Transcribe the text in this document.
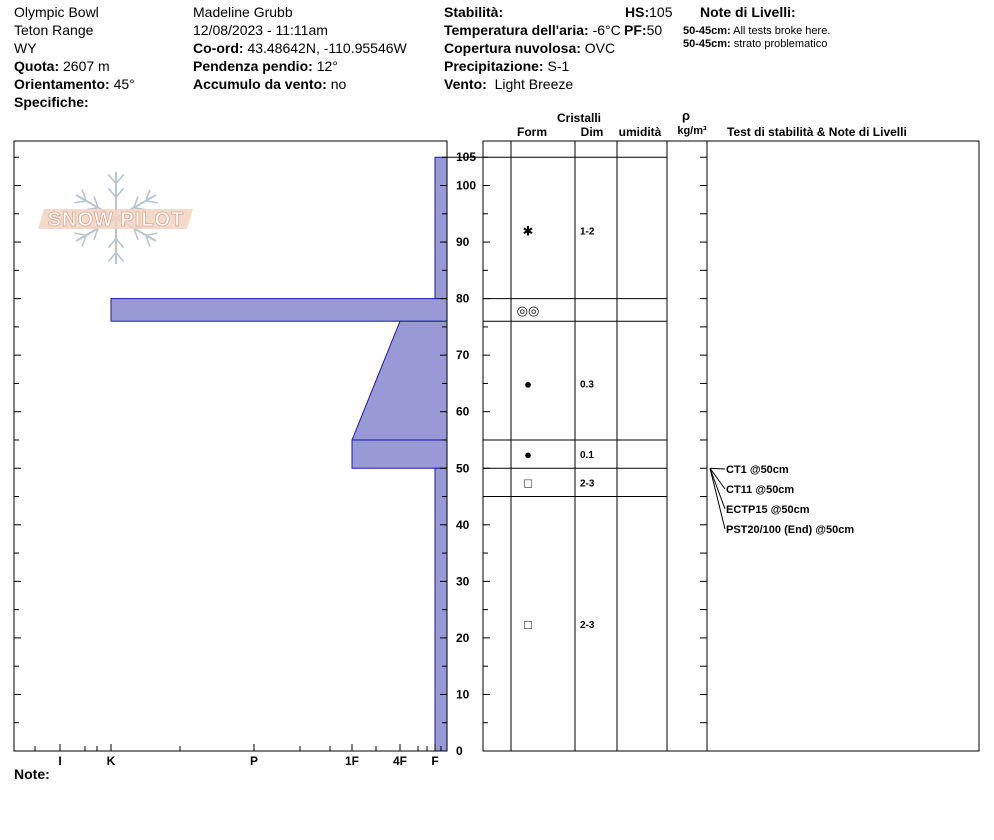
Olympic Bowl
Teton Range
WY
Quota: 2607 m
Orientamento: 45°
Specifiche:
Madeline Grubb
12/08/2023 - 11:11am
Co-ord: 43.48642N, -110.95546W
Pendenza pendio: 12°
Accumulo da vento: no
Stabilità:
Temperatura dell'aria: -6°C
Copertura nuvolosa: OVC
Precipitazione: S-1
Vento: Light Breeze
HS:105
PF:50
Note di Livelli:
50-45cm: All tests broke here.
50-45cm: strato problematico
Note:
SNOW PILOT
0
10
20
30
40
50
60
70
80
90
100
105
I	K	P	1F	4F F
Cristalli
Form	Dim umidità
ρ
kg/m³ Test di stabilità & Note di Livelli
✱	1-2
◎◎
●	0.3
●	0.1
□	2-3
□	2-3
CT1 @50cm
CT11 @50cm
ECTP15 @50cm
PST20/100 (End) @50cm
